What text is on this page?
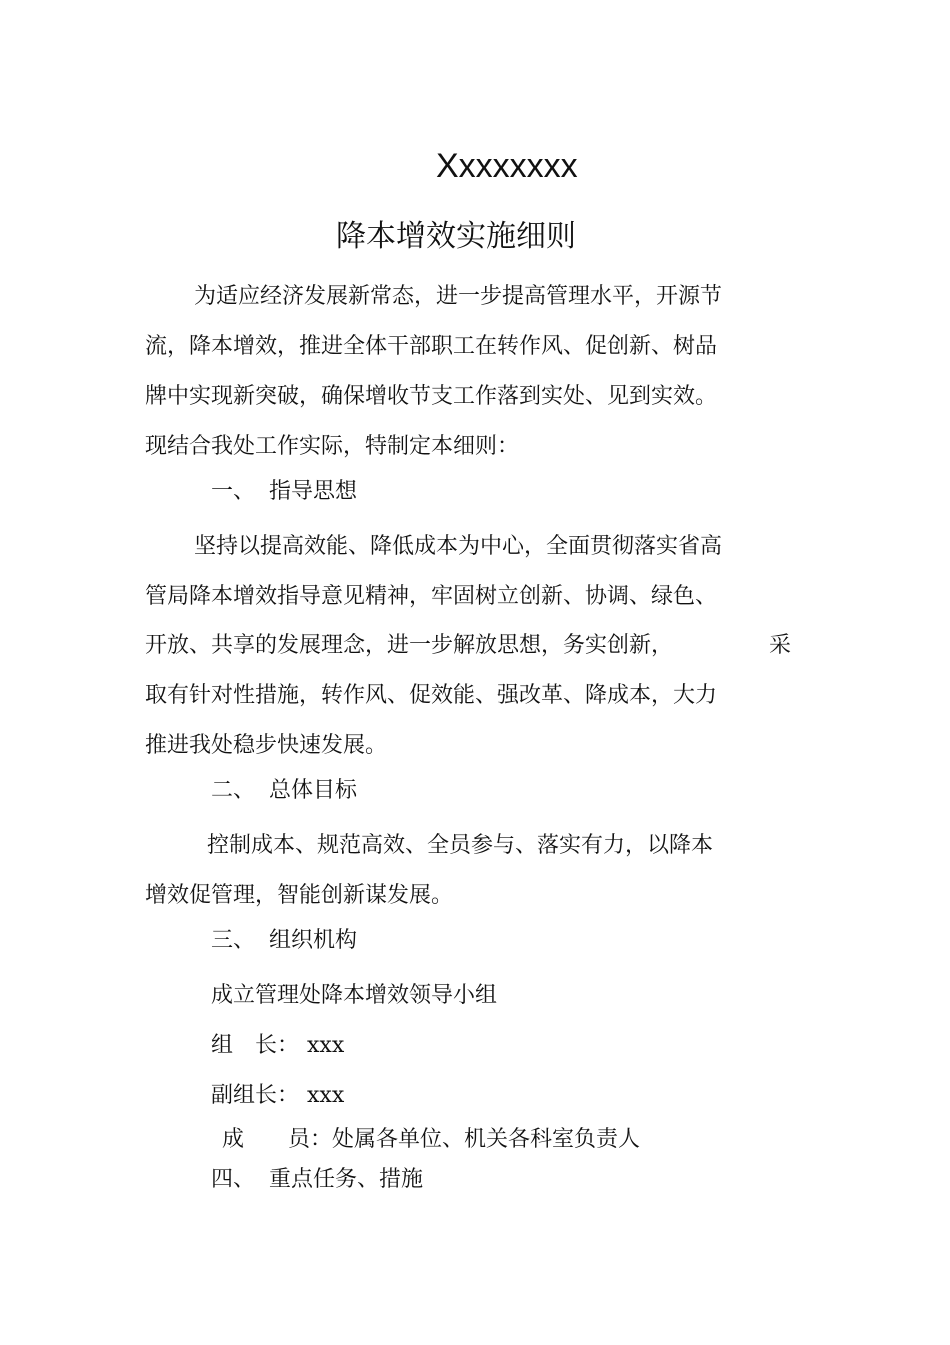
Xxxxxxxx
降本增效实施细则
为适应经济发展新常态，进一步提高管理水平，开源节
流，降本增效，推进全体干部职工在转作风、促创新、树品
牌中实现新突破，确保增收节支工作落到实处、见到实效。
现结合我处工作实际，特制定本细则：
一、 指导思想
坚持以提高效能、降低成本为中心，全面贯彻落实省高
管局降本增效指导意见精神，牢固树立创新、协调、绿色、
开放、共享的发展理念，进一步解放思想，务实创新，	采
取有针对性措施，转作风、促效能、强改革、降成本，大力
推进我处稳步快速发展。
二、 总体目标
控制成本、规范高效、全员参与、落实有力，以降本
增效促管理，智能创新谋发展。
三、 组织机构
成立管理处降本增效领导小组
组　长： xxx
副组长： xxx
成　　员：处属各单位、机关各科室负责人
四、 重点任务、措施
